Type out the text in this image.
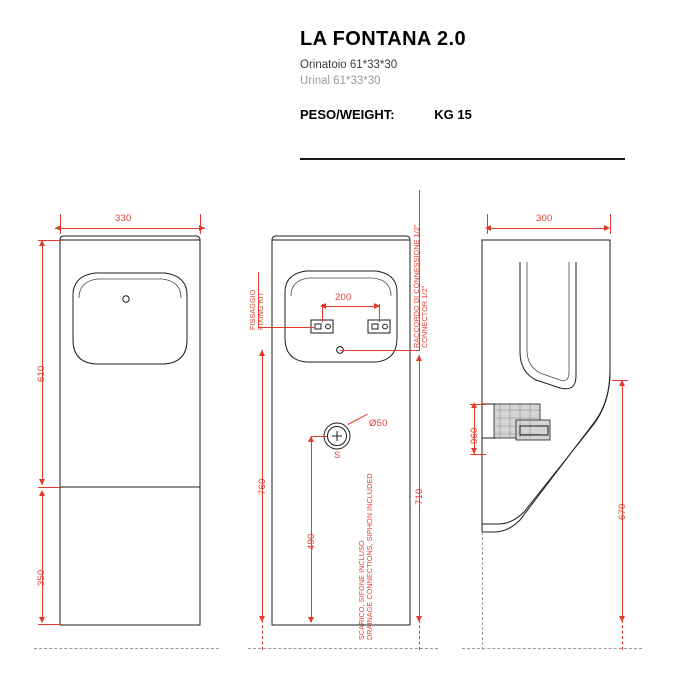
LA FONTANA 2.0
Orinatoio 61*33*30
Urinal 61*33*30
PESO/WEIGHT:	KG 15
330
610
350
200
FISSAGGIO FIXING KIT	RACCORDO DI CONNESSIONE 1/2" CONNECTOR 1/2"
Ø50
S
SCARICO, SIFONE INCLUSO DRAINAGE CONNECTIONS, SIPHON INCLUDED
760
490
710
300
960
670
